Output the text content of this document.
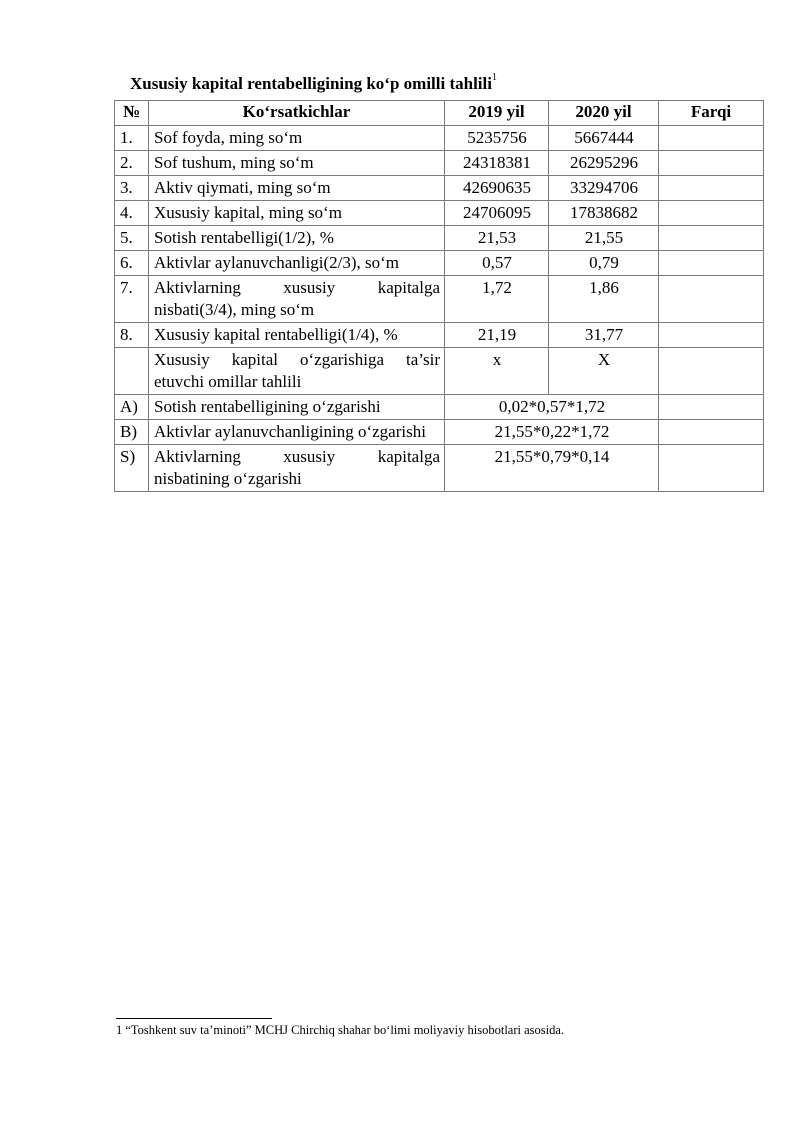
Xususiy kapital rentabelligining ko‘p omilli tahlili$^1$
№	Ko‘rsatkichlar	2019 yil	2020 yil	Farqi
1.	Sof foyda, ming so‘m	5235756	5667444	
2.	Sof tushum, ming so‘m	24318381	26295296	
3.	Aktiv qiymati, ming so‘m	42690635	33294706	
4.	Xususiy kapital, ming so‘m	24706095	17838682	
5.	Sotish rentabelligi(1/2), %	21,53	21,55	
6.	Aktivlar aylanuvchanligi(2/3), so‘m	0,57	0,79	
7.	Aktivlarning xususiy kapitalga nisbati(3/4), ming so‘m	1,72	1,86	
8.	Xususiy kapital rentabelligi(1/4), %	21,19	31,77	
	Xususiy kapital o‘zgarishiga ta’sir etuvchi omillar tahlili	x	X	
A)	Sotish rentabelligining o‘zgarishi	0,02*0,57*1,72		
B)	Aktivlar aylanuvchanligining o‘zgarishi	21,55*0,22*1,72		
S)	Aktivlarning xususiy kapitalga nisbatining o‘zgarishi	21,55*0,79*0,14		
1 “Toshkent suv ta’minoti” MCHJ Chirchiq shahar bo‘limi moliyaviy hisobotlari asosida.
